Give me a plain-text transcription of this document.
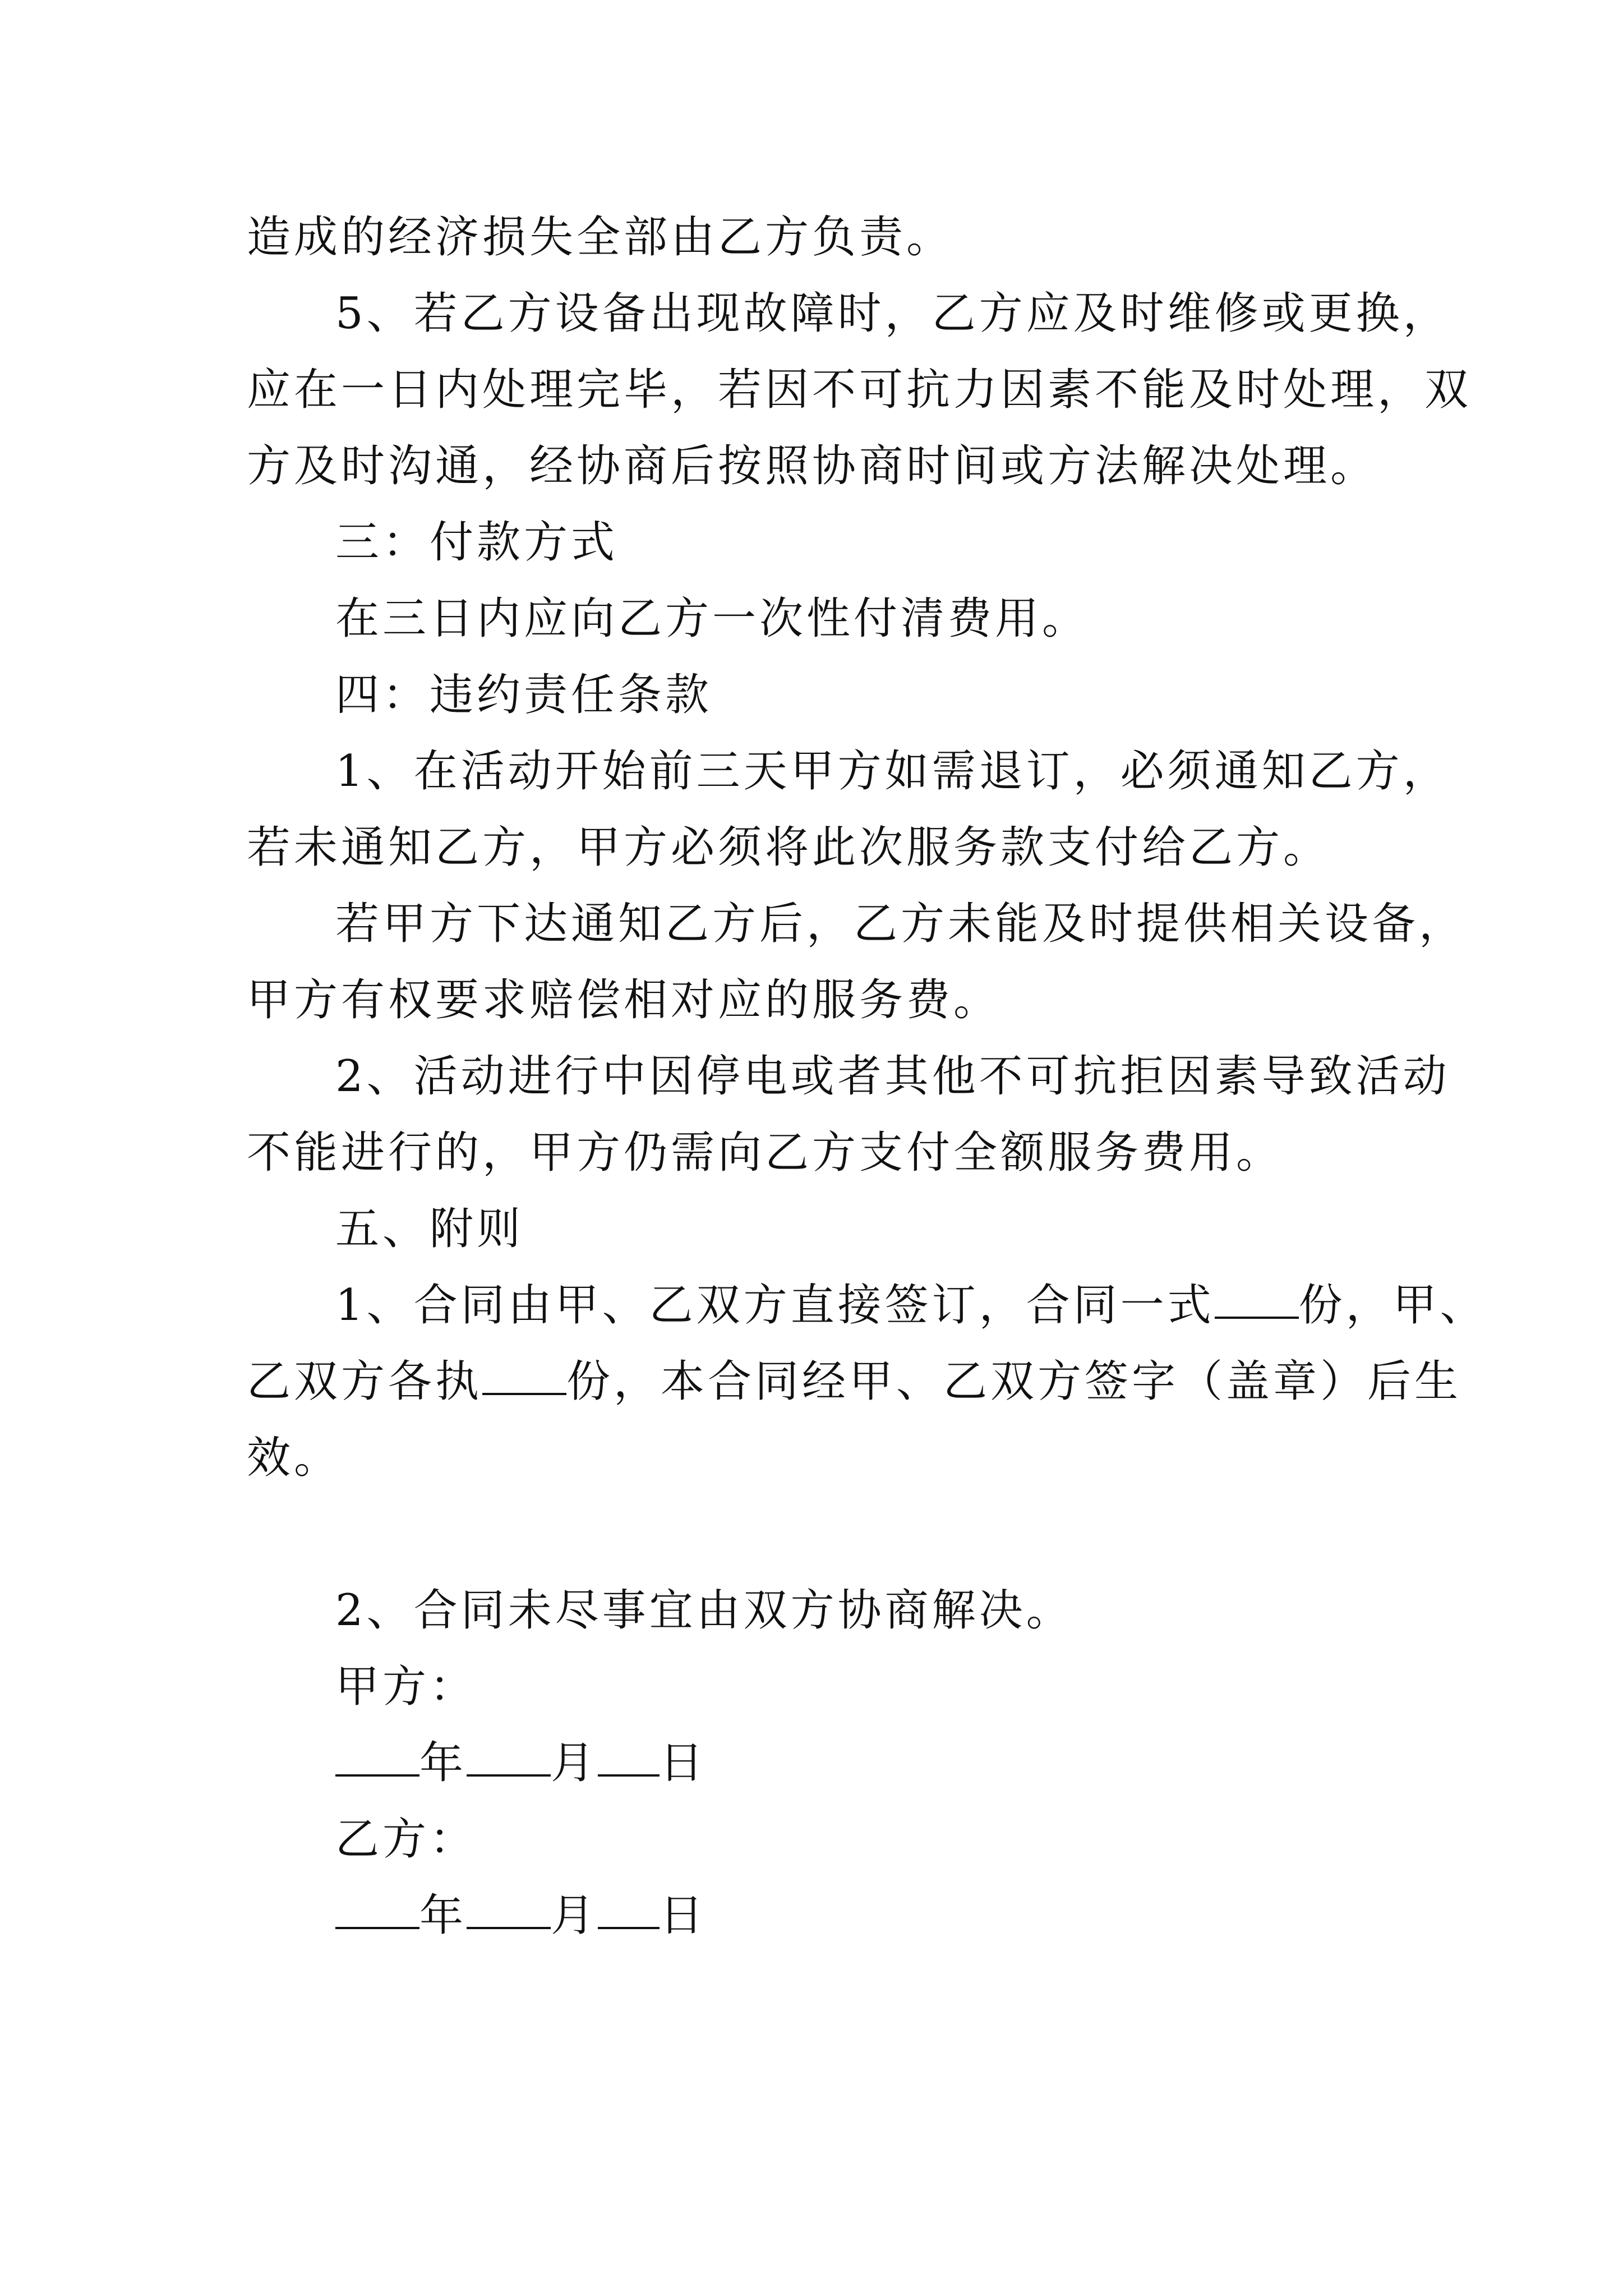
造成的经济损失全部由乙方负责。
5、若乙方设备出现故障时，乙方应及时维修或更换，
应在一日内处理完毕，若因不可抗力因素不能及时处理，双
方及时沟通，经协商后按照协商时间或方法解决处理。
三：付款方式
在三日内应向乙方一次性付清费用。
四：违约责任条款
1、在活动开始前三天甲方如需退订，必须通知乙方，
若未通知乙方，甲方必须将此次服务款支付给乙方。
若甲方下达通知乙方后，乙方未能及时提供相关设备，
甲方有权要求赔偿相对应的服务费。
2、活动进行中因停电或者其他不可抗拒因素导致活动
不能进行的，甲方仍需向乙方支付全额服务费用。
五、附则
1、合同由甲、乙双方直接签订，合同一式 份，甲、
乙双方各执 份，本合同经甲、乙双方签字（盖章）后生
效。
2、合同未尽事宜由双方协商解决。
甲方：
年 月 日
乙方：
年 月 日
